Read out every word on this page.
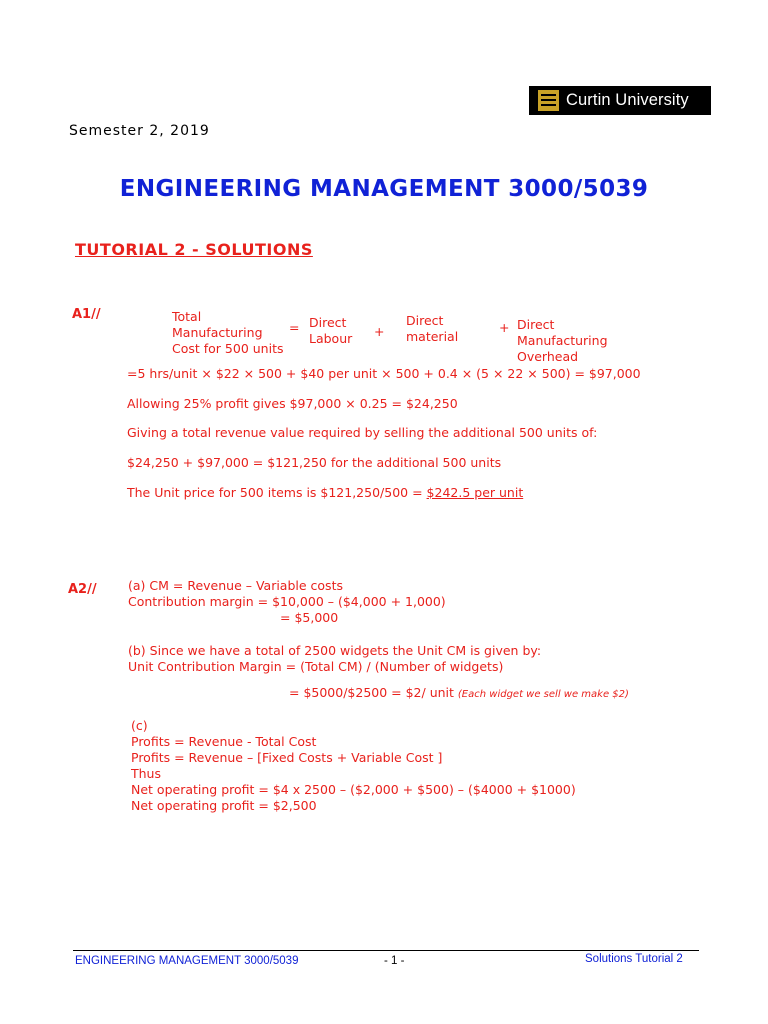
Curtin University
Semester 2, 2019
ENGINEERING MANAGEMENT 3000/5039
TUTORIAL 2 - SOLUTIONS
A1//	Total
Manufacturing
Cost for 500 units
= Direct
Labour +
Direct
material
+ Direct
Manufacturing
Overhead
=5 hrs/unit × $22 × 500 + $40 per unit × 500 + 0.4 × (5 × 22 × 500) = $97,000
Allowing 25% profit gives $97,000 × 0.25 = $24,250
Giving a total revenue value required by selling the additional 500 units of:
$24,250 + $97,000 = $121,250 for the additional 500 units
The Unit price for 500 items is $121,250/500 = $242.5 per unit
A2//	(a) CM = Revenue – Variable costs
Contribution margin = $10,000 – ($4,000 + 1,000)
= $5,000
(b) Since we have a total of 2500 widgets the Unit CM is given by:
Unit Contribution Margin = (Total CM) / (Number of widgets)
= $5000/$2500 = $2/ unit (Each widget we sell we make $2)
(c)
Profits = Revenue - Total Cost
Profits = Revenue – [Fixed Costs + Variable Cost ]
Thus
Net operating profit = $4 x 2500 – ($2,000 + $500) – ($4000 + $1000)
Net operating profit = $2,500
ENGINEERING MANAGEMENT 3000/5039	- 1 -	Solutions Tutorial 2
